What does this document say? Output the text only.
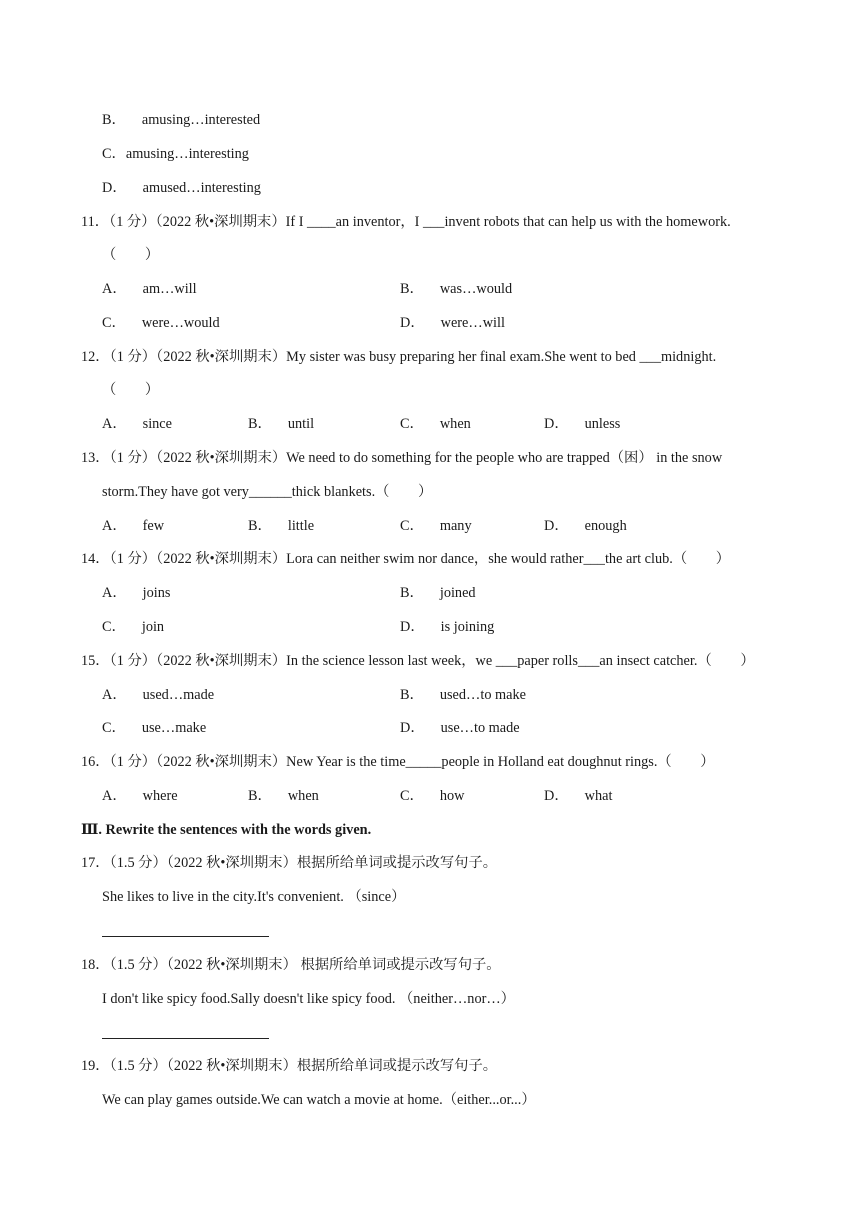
B． amusing…interested
C．amusing…interesting
D． amused…interesting
11．（1 分）（2022 秋•深圳期末）If I ____an inventor，I ___invent robots that can help us with the homework.
（　　）
A． am…will	B． was…would
C． were…would	D． were…will
12．（1 分）（2022 秋•深圳期末）My sister was busy preparing her final exam.She went to bed ___midnight.
（　　）
A． since	B． until	C． when	D． unless
13．（1 分）（2022 秋•深圳期末）We need to do something for the people who are trapped（困） in the snow
storm.They have got very______thick blankets.（　　）
A． few	B． little	C． many	D． enough
14．（1 分）（2022 秋•深圳期末）Lora can neither swim nor dance，she would rather___the art club.（　　）
A． joins	B． joined
C． join	D． is joining
15．（1 分）（2022 秋•深圳期末）In the science lesson last week，we ___paper rolls___an insect catcher.（　　）
A． used…made	B． used…to make
C． use…make	D． use…to made
16．（1 分）（2022 秋•深圳期末）New Year is the time_____people in Holland eat doughnut rings.（　　）
A． where	B． when	C． how	D． what
Ⅲ. Rewrite the sentences with the words given.
17．（1.5 分）（2022 秋•深圳期末）根据所给单词或提示改写句子。
She likes to live in the city.It's convenient. （since）
18．（1.5 分）（2022 秋•深圳期末） 根据所给单词或提示改写句子。
I don't like spicy food.Sally doesn't like spicy food. （neither…nor…）
19．（1.5 分）（2022 秋•深圳期末）根据所给单词或提示改写句子。
We can play games outside.We can watch a movie at home.（either...or...）
